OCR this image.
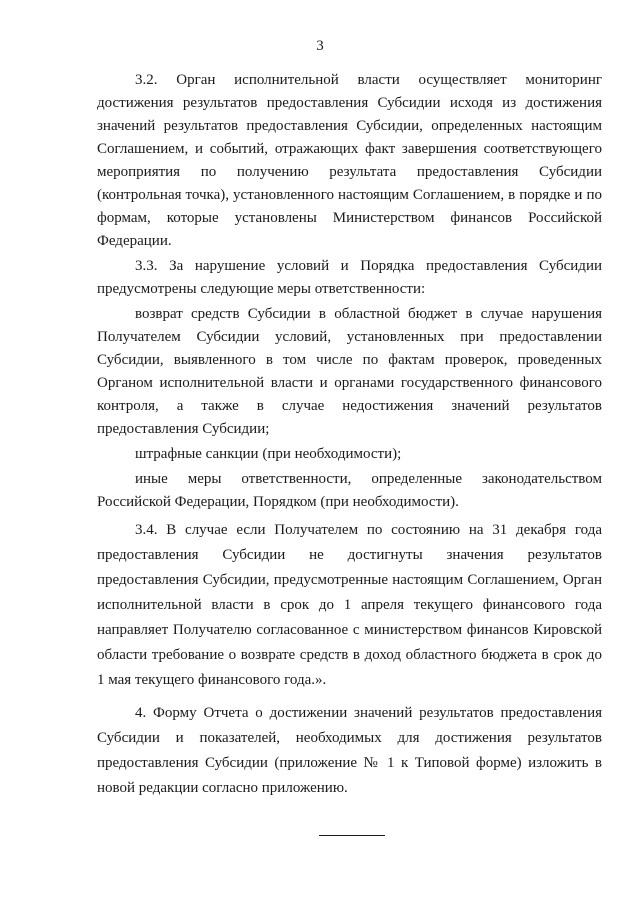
3

3.2. Орган исполнительной власти осуществляет мониторинг достижения результатов предоставления Субсидии исходя из достижения значений результатов предоставления Субсидии, определенных настоящим Соглашением, и событий, отражающих факт завершения соответствующего мероприятия по получению результата предоставления Субсидии (контрольная точка), установленного настоящим Соглашением, в порядке и по формам, которые установлены Министерством финансов Российской Федерации.

3.3. За нарушение условий и Порядка предоставления Субсидии предусмотрены следующие меры ответственности:

возврат средств Субсидии в областной бюджет в случае нарушения Получателем Субсидии условий, установленных при предоставлении Субсидии, выявленного в том числе по фактам проверок, проведенных Органом исполнительной власти и органами государственного финансового контроля, а также в случае недостижения значений результатов предоставления Субсидии;

штрафные санкции (при необходимости);

иные меры ответственности, определенные законодательством Российской Федерации, Порядком (при необходимости).

3.4. В случае если Получателем по состоянию на 31 декабря года предоставления Субсидии не достигнуты значения результатов предоставления Субсидии, предусмотренные настоящим Соглашением, Орган исполнительной власти в срок до 1 апреля текущего финансового года направляет Получателю согласованное с министерством финансов Кировской области требование о возврате средств в доход областного бюджета в срок до 1 мая текущего финансового года.».

4. Форму Отчета о достижении значений результатов предоставления Субсидии и показателей, необходимых для достижения результатов предоставления Субсидии (приложение № 1 к Типовой форме) изложить в новой редакции согласно приложению.
